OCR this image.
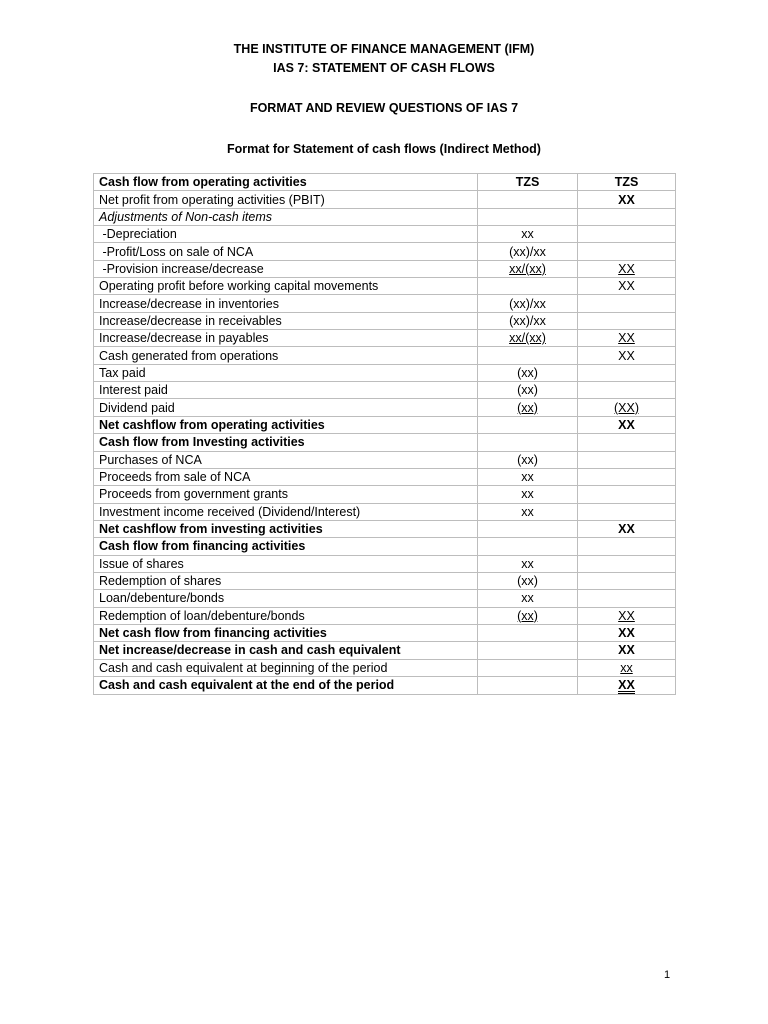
THE INSTITUTE OF FINANCE MANAGEMENT (IFM)
IAS 7: STATEMENT OF CASH FLOWS
FORMAT AND REVIEW QUESTIONS OF IAS 7
Format for Statement of cash flows (Indirect Method)
Cash flow from operating activities	TZS	TZS
Net profit from operating activities (PBIT)		XX
Adjustments of Non-cash items		
-Depreciation	xx	
-Profit/Loss on sale of NCA	(xx)/xx	
-Provision increase/decrease	xx/(xx)	XX
Operating profit before working capital movements		XX
Increase/decrease in inventories	(xx)/xx	
Increase/decrease in receivables	(xx)/xx	
Increase/decrease in payables	xx/(xx)	XX
Cash generated from operations		XX
Tax paid	(xx)	
Interest paid	(xx)	
Dividend paid	(xx)	(XX)
Net cashflow from operating activities		XX
Cash flow from Investing activities		
Purchases of NCA	(xx)	
Proceeds from sale of NCA	xx	
Proceeds from government grants	xx	
Investment income received (Dividend/Interest)	xx	
Net cashflow from investing activities		XX
Cash flow from financing activities		
Issue of shares	xx	
Redemption of shares	(xx)	
Loan/debenture/bonds	xx	
Redemption of loan/debenture/bonds	(xx)	XX
Net cash flow from financing activities		XX
Net increase/decrease in cash and cash equivalent		XX
Cash and cash equivalent at beginning of the period		xx
Cash and cash equivalent at the end of the period		XX
1
